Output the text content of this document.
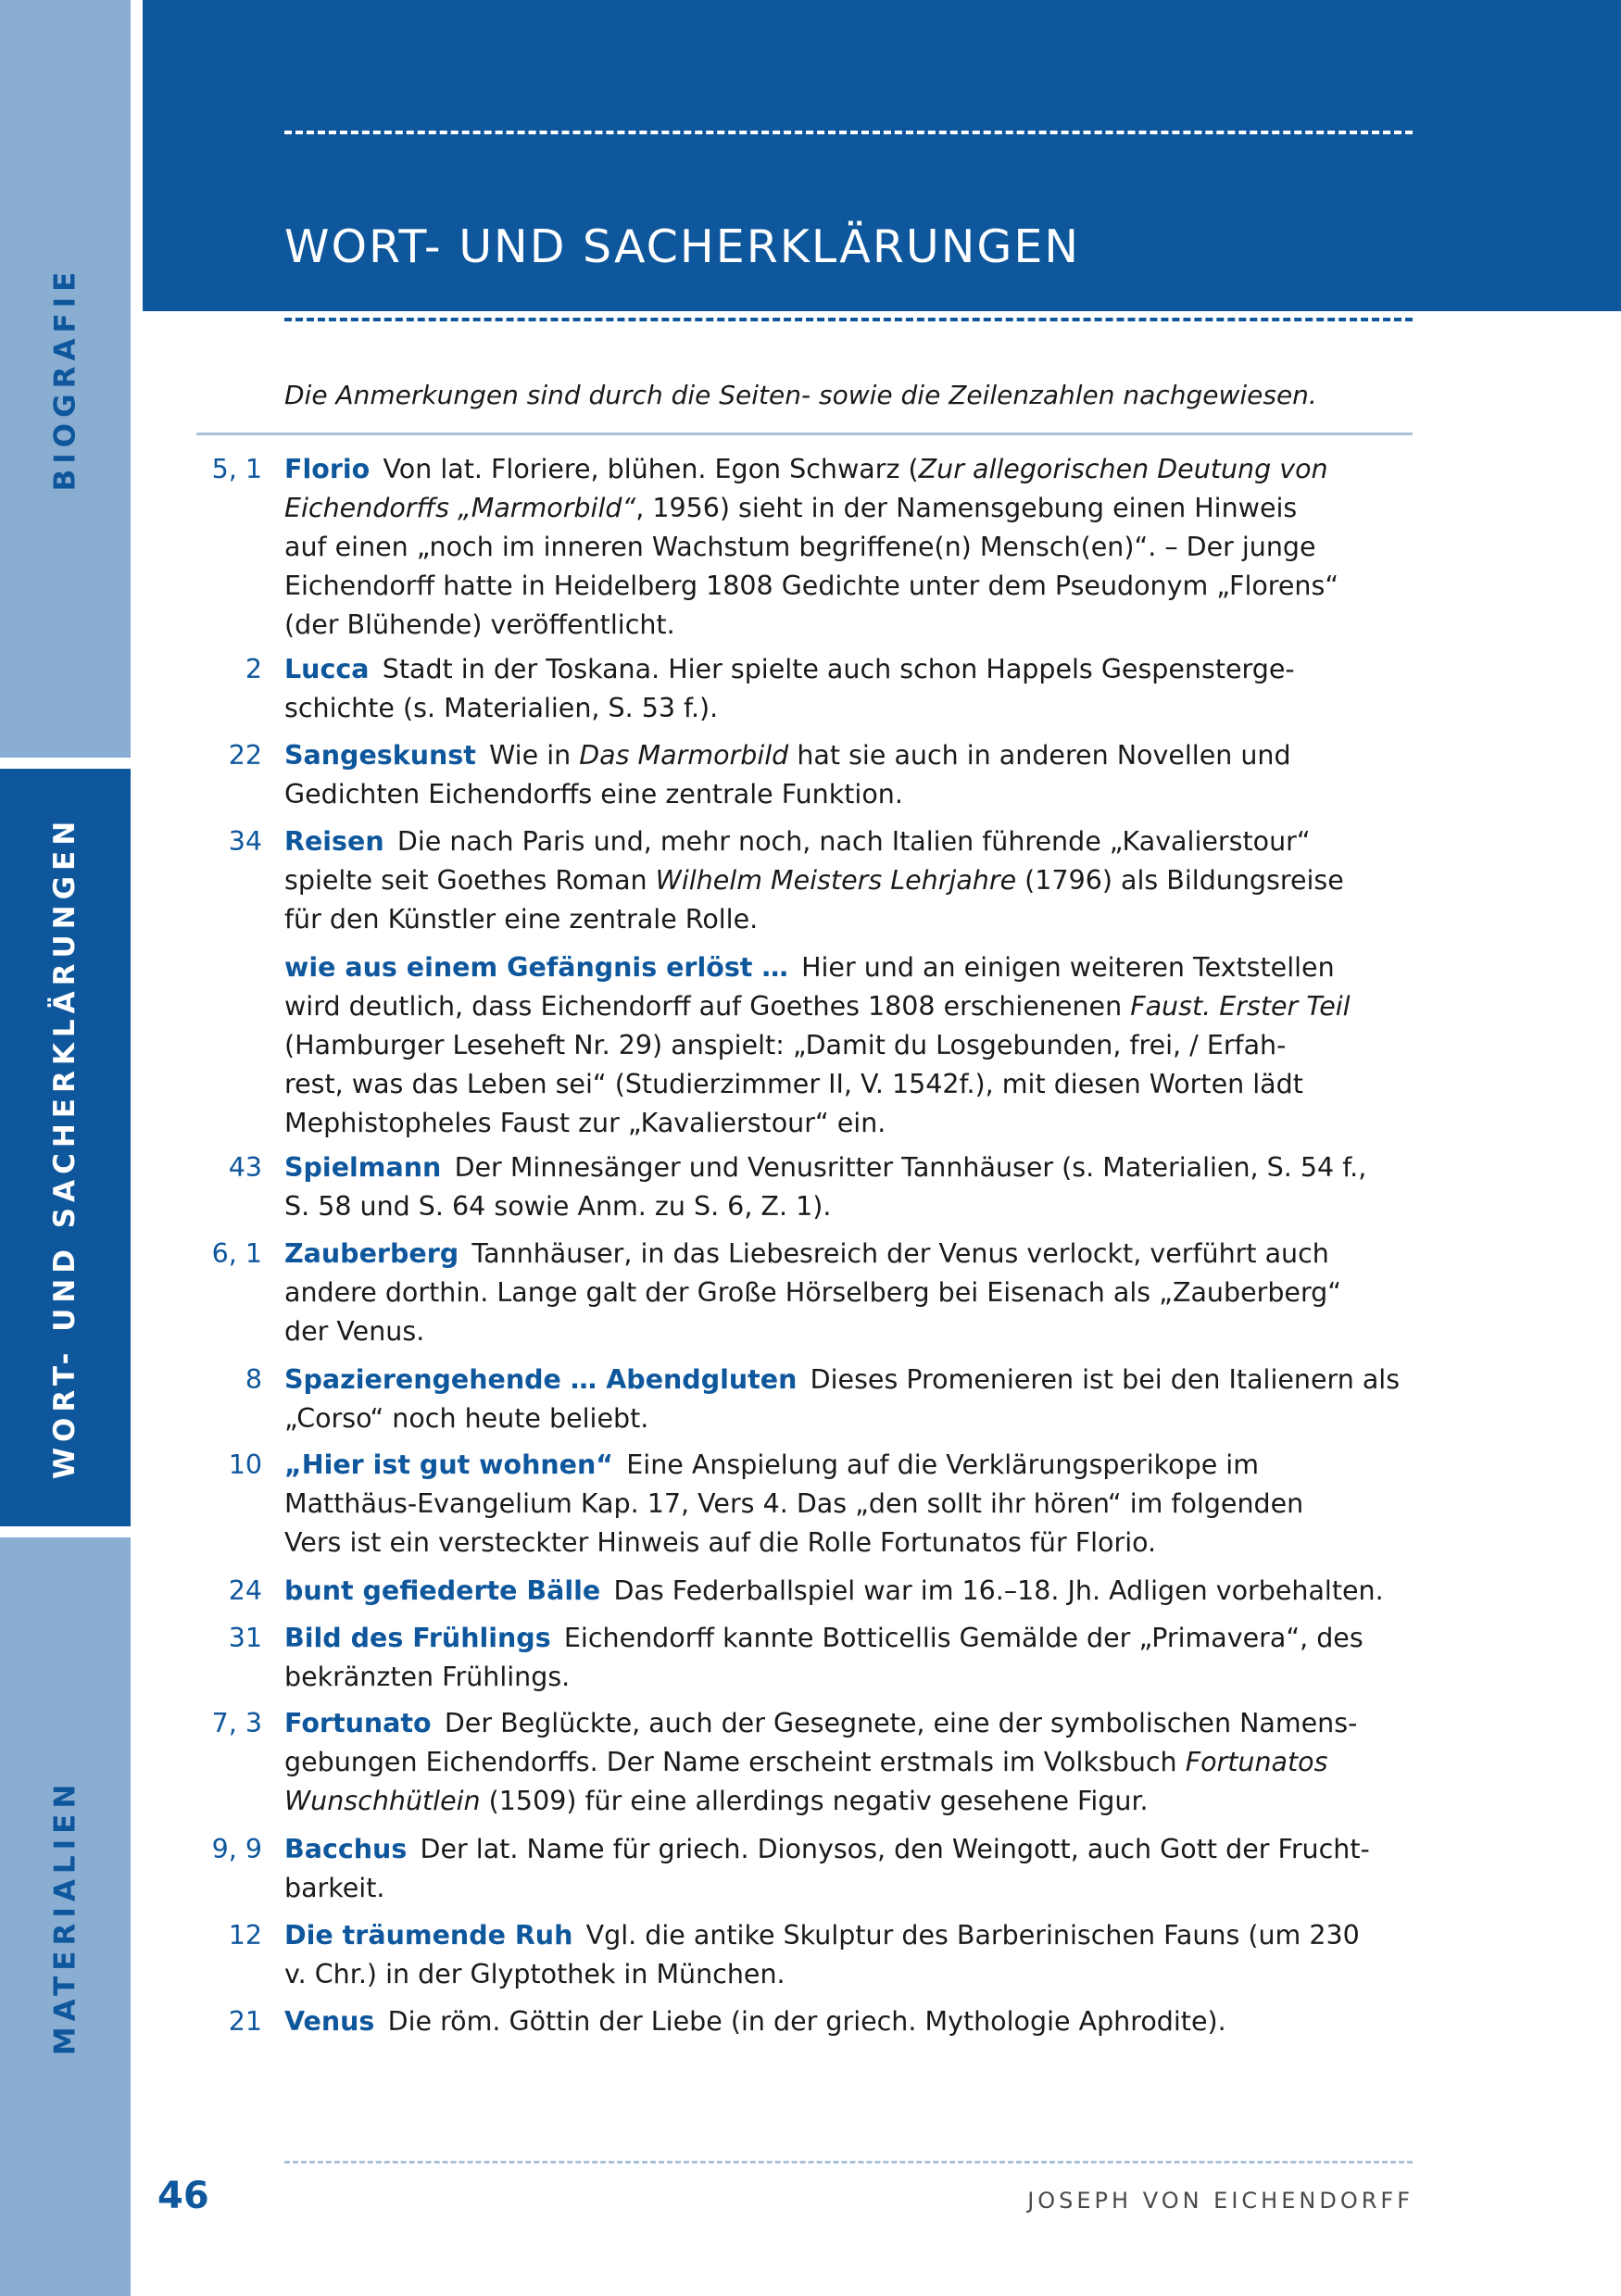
BIOGRAFIE
WORT- UND SACHERKLÄRUNGEN
MATERIALIEN
WORT- UND SACHERKLÄRUNGEN
Die Anmerkungen sind durch die Seiten- sowie die Zeilenzahlen nachgewiesen.
5, 1 Florio  Von lat. Floriere, blühen. Egon Schwarz (Zur allegorischen Deutung von
Eichendorffs „Marmorbild“, 1956) sieht in der Namensgebung einen Hinweis
auf einen „noch im inneren Wachstum begriffene(n) Mensch(en)“. – Der junge
Eichendorff hatte in Heidelberg 1808 Gedichte unter dem Pseudonym „Florens“
(der Blühende) veröffentlicht.
2 Lucca  Stadt in der Toskana. Hier spielte auch schon Happels Gespensterge-
schichte (s. Materialien, S. 53 f.).
22 Sangeskunst  Wie in Das Marmorbild hat sie auch in anderen Novellen und
Gedichten Eichendorffs eine zentrale Funktion.
34 Reisen  Die nach Paris und, mehr noch, nach Italien führende „Kavalierstour“
spielte seit Goethes Roman Wilhelm Meisters Lehrjahre (1796) als Bildungsreise
für den Künstler eine zentrale Rolle.
wie aus einem Gefängnis erlöst …  Hier und an einigen weiteren Textstellen
wird deutlich, dass Eichendorff auf Goethes 1808 erschienenen Faust. Erster Teil
(Hamburger Leseheft Nr. 29) anspielt: „Damit du Losgebunden, frei, / Erfah-
rest, was das Leben sei“ (Studierzimmer II, V. 1542f.), mit diesen Worten lädt
Mephistopheles Faust zur „Kavalierstour“ ein.
43 Spielmann  Der Minnesänger und Venusritter Tannhäuser (s. Materialien, S. 54 f.,
S. 58 und S. 64 sowie Anm. zu S. 6, Z. 1).
6, 1 Zauberberg  Tannhäuser, in das Liebesreich der Venus verlockt, verführt auch
andere dorthin. Lange galt der Große Hörselberg bei Eisenach als „Zauberberg“
der Venus.
8 Spazierengehende … Abendgluten  Dieses Promenieren ist bei den Italienern als
„Corso“ noch heute beliebt.
10 „Hier ist gut wohnen“  Eine Anspielung auf die Verklärungsperikope im
Matthäus-Evangelium Kap. 17, Vers 4. Das „den sollt ihr hören“ im folgenden
Vers ist ein versteckter Hinweis auf die Rolle Fortunatos für Florio.
24 bunt gefiederte Bälle  Das Federballspiel war im 16.–18. Jh. Adligen vorbehalten.
31 Bild des Frühlings  Eichendorff kannte Botticellis Gemälde der „Primavera“, des
bekränzten Frühlings.
7, 3 Fortunato  Der Beglückte, auch der Gesegnete, eine der symbolischen Namens-
gebungen Eichendorffs. Der Name erscheint erstmals im Volksbuch Fortunatos
Wunschhütlein (1509) für eine allerdings negativ gesehene Figur.
9, 9 Bacchus  Der lat. Name für griech. Dionysos, den Weingott, auch Gott der Frucht-
barkeit.
12 Die träumende Ruh  Vgl. die antike Skulptur des Barberinischen Fauns (um 230
v. Chr.) in der Glyptothek in München.
21 Venus  Die röm. Göttin der Liebe (in der griech. Mythologie Aphrodite).
46	JOSEPH VON EICHENDORFF
